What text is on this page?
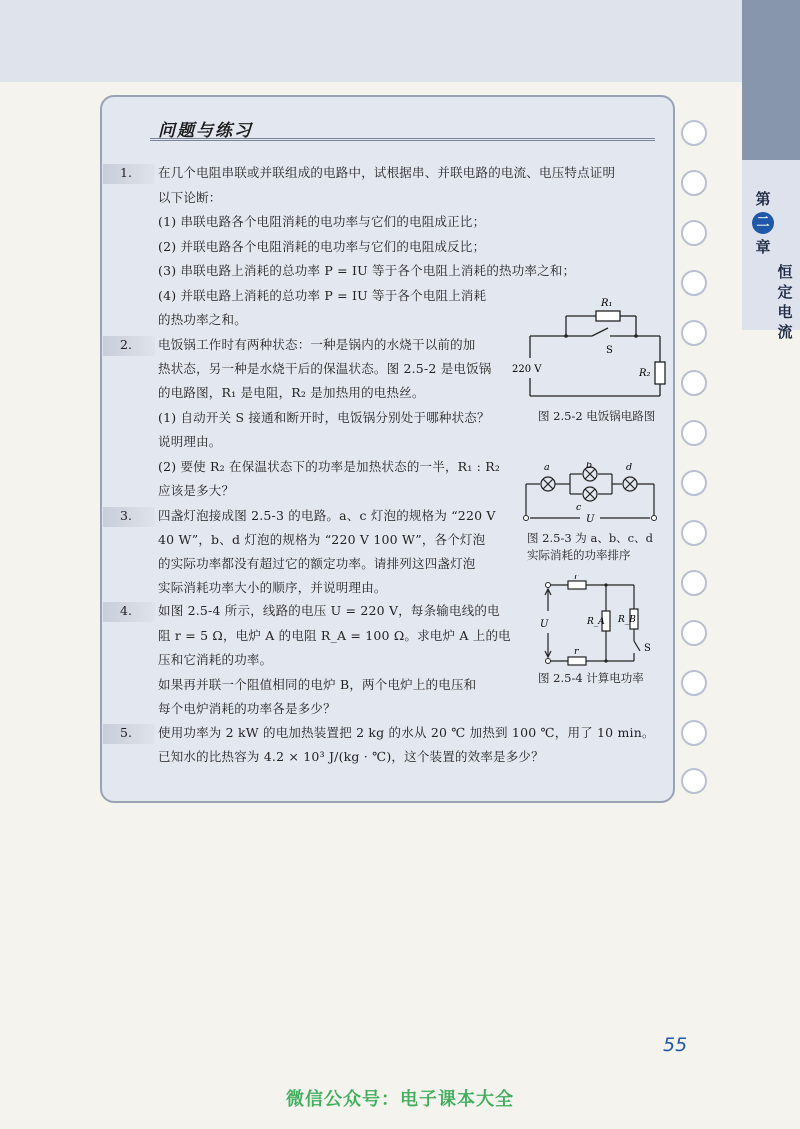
第
二
章
恒定电流
问题与练习
1. 在几个电阻串联或并联组成的电路中，试根据串、并联电路的电流、电压特点证明
以下论断：
(1) 串联电路各个电阻消耗的电功率与它们的电阻成正比；
(2) 并联电路各个电阻消耗的电功率与它们的电阻成反比；
(3) 串联电路上消耗的总功率 P = IU 等于各个电阻上消耗的热功率之和；
(4) 并联电路上消耗的总功率 P = IU 等于各个电阻上消耗
的热功率之和。
2. 电饭锅工作时有两种状态：一种是锅内的水烧干以前的加
热状态，另一种是水烧干后的保温状态。图 2.5-2 是电饭锅
的电路图，R₁ 是电阻，R₂ 是加热用的电热丝。
(1) 自动开关 S 接通和断开时，电饭锅分别处于哪种状态？
说明理由。
(2) 要使 R₂ 在保温状态下的功率是加热状态的一半，R₁ : R₂
应该是多大？
3. 四盏灯泡接成图 2.5-3 的电路。a、c 灯泡的规格为 “220 V
40 W”，b、d 灯泡的规格为 “220 V 100 W”，各个灯泡
的实际功率都没有超过它的额定功率。请排列这四盏灯泡
实际消耗功率大小的顺序，并说明理由。
4. 如图 2.5-4 所示，线路的电压 U = 220 V，每条输电线的电
阻 r = 5 Ω，电炉 A 的电阻 R_A = 100 Ω。求电炉 A 上的电
压和它消耗的功率。
如果再并联一个阻值相同的电炉 B，两个电炉上的电压和
每个电炉消耗的功率各是多少？
5. 使用功率为 2 kW 的电加热装置把 2 kg 的水从 20 ℃ 加热到 100 ℃，用了 10 min。
已知水的比热容为 4.2 × 10³ J/(kg · ℃)，这个装置的效率是多少？
R₁
S
R₂
220 V
图 2.5-2 电饭锅电路图
a	b
c
d
U
图 2.5-3 为 a、b、c、d
实际消耗的功率排序
r
r
U	R_A R_B
S
图 2.5-4 计算电功率
55
微信公众号：电子课本大全
